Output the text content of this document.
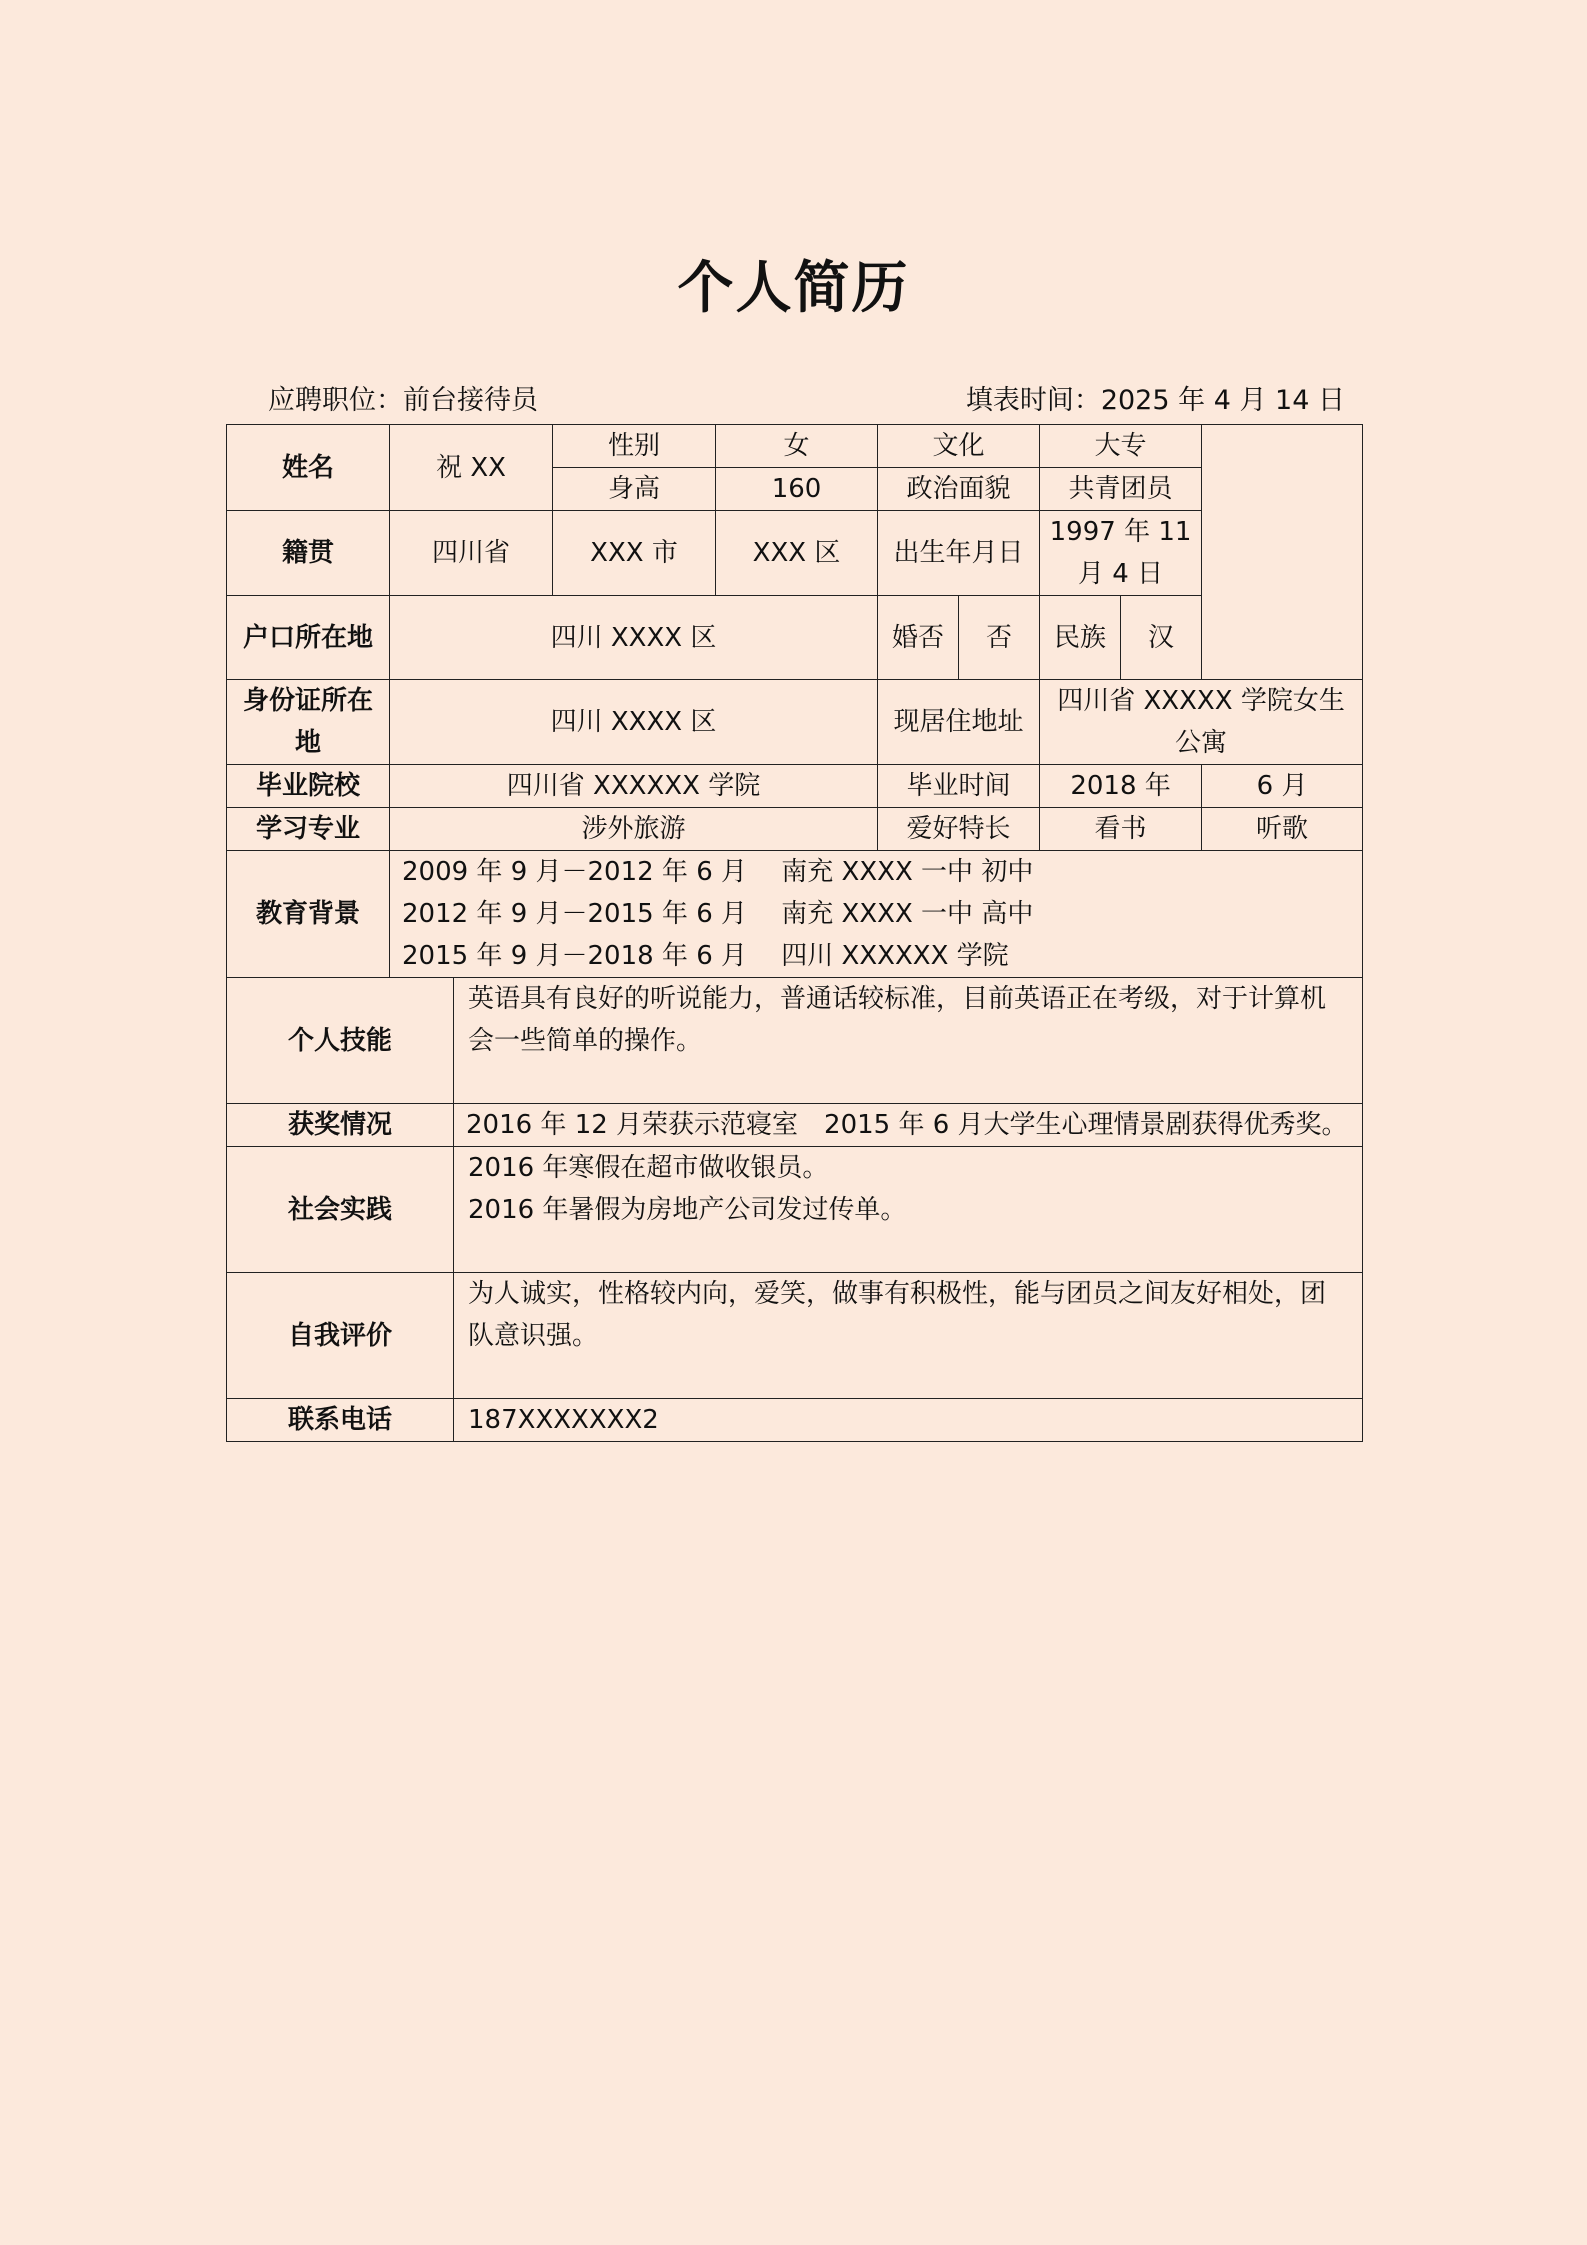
个人简历
应聘职位：前台接待员	填表时间：2025 年 4 月 14 日
姓名	祝 XX		性别	女	文化		大专		
			身高	160	政治面貌		共青团员		
籍贯	四川省		XXX 市	XXX 区	出生年月日		1997 年 11 月 4 日		
户口所在地	四川 XXXX 区				婚否	否	民族	汉	
身份证所在地	四川 XXXX 区				现居住地址		四川省 XXXXX 学院女生公寓		
毕业院校	四川省 XXXXXX 学院				毕业时间		2018 年		6 月
学习专业	涉外旅游				爱好特长		看书		听歌
教育背景	2009 年 9 月－2012 年 6 月　 南充 XXXX 一中 初中
2012 年 9 月－2015 年 6 月　 南充 XXXX 一中 高中
2015 年 9 月－2018 年 6 月　 四川 XXXXXX 学院								

个人技能		英语具有良好的听说能力，普通话较标准，目前英语正在考级，对于计算机会一些简单的操作。							

获奖情况		2016 年 12 月荣获示范寝室　2015 年 6 月大学生心理情景剧获得优秀奖。							

社会实践		2016 年寒假在超市做收银员。
2016 年暑假为房地产公司发过传单。							

自我评价		为人诚实，性格较内向，爱笑，做事有积极性，能与团员之间友好相处，团队意识强。							

联系电话		187XXXXXXX2							
